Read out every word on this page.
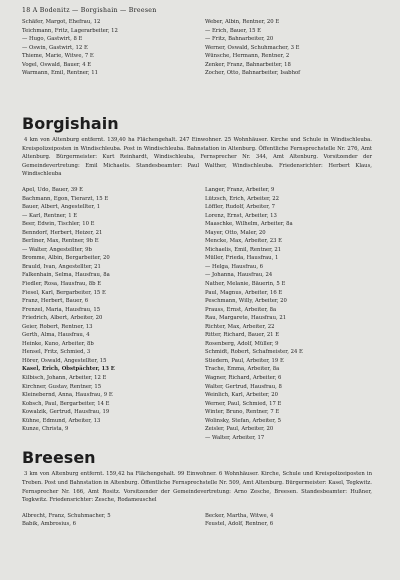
18 A Bodenitz — Borgishain — Breesen
Schäfer, Margot, Ehefrau, 12
Teichmann, Fritz, Lagerarbeiter, 12
— Hugo, Gastwirt, 8 E
— Oswin, Gastwirt, 12 E
Thieme, Marie, Witwe, 7 E
Vogel, Oswald, Bauer, 4 E
Warmann, Emil, Rentner, 11
Weber, Albin, Rentner, 20 E
— Erich, Bauer, 15 E
— Fritz, Bahnarbeiter, 20
Werner, Oswald, Schuhmacher, 3 E
Wünsche, Hermann, Rentner, 2
Zenker, Franz, Bahnarbeiter, 18
Zocher, Otto, Bahnarbeiter, Isabhof
Borgishain
4 km von Altenburg entfernt. 139,40 ha Flächengehalt. 247 Einwohner. 25 Wohnhäuser. Kirche und Schule in Windischleuba. Kreispolizeiposten in Windischleuba. Post in Windischleuba. Bahnstation in Altenburg. Öffentliche Fernsprechstelle Nr. 276, Amt Altenburg. Bürgermeister: Kurt Reinhardt, Windischleuba, Fernsprecher Nr. 344, Amt Altenburg. Vorsitzender der Gemeindevertretung: Emil Michaelis. Standesbeamter: Paul Walther, Windischleuba. Friedensrichter: Herbert Klaus, Windischleuba
Apel, Udo, Bauer, 39 E
Bachmann, Egon, Tierarzt, 15 E
Bauer, Albert, Angestellter, 1
— Karl, Rentner, 1 E
Beer, Edwin, Tischler, 10 E
Benndorf, Herbert, Heizer, 21
Berliner, Max, Rentner, 9b E
— Walter, Angestellter, 9b
Bromme, Albin, Bergarbeiter, 20
Brauld, Ivan, Angestellter, 21
Falkenhain, Selma, Hausfrau, 8a
Fiedler, Rosa, Hausfrau, 8b E
Fiesel, Karl, Bergarbeiter, 15 E
Franz, Herbert, Bauer, 6
Frenzel, Maria, Hausfrau, 15
Friedrich, Albert, Arbeiter, 20
Geier, Robert, Rentner, 13
Gerth, Alma, Hausfrau, 4
Heinke, Kuno, Arbeiter, 8b
Hensel, Fritz, Schmied, 3
Hörer, Oswald, Angestellter, 15
Kasel, Erich, Obstpächter, 13 E
Kilbisch, Johann, Arbeiter, 12 E
Kirchner, Gustav, Rentner, 15
Kleinebernd, Anna, Hausfrau, 9 E
Kobsch, Paul, Bergarbeiter, 14 E
Kowalzik, Gertrud, Hausfrau, 19
Kühne, Edmund, Arbeiter, 13
Kunze, Christa, 9
Langer, Franz, Arbeiter, 9
Lützsch, Erich, Arbeiter, 22
Löffler, Rudolf, Arbeiter, 7
Lorenz, Ernst, Arbeiter, 13
Maaschke, Wilhelm, Arbeiter, 8a
Mayer, Otto, Maler, 20
Mencke, Max, Arbeiter, 23 E
Michaelis, Emil, Rentner, 21
Müller, Frieda, Hausfrau, 1
— Helga, Hausfrau, 6
— Johanna, Hausfrau, 24
Nather, Melanie, Bäuerin, 5 E
Paul, Magnus, Arbeiter, 16 E
Peschmann, Willy, Arbeiter, 20
Prauss, Ernst, Arbeiter, 8a
Rau, Margarete, Hausfrau, 21
Richter, Max, Arbeiter, 22
Ritter, Richard, Bauer, 21 E
Rosenberg, Adolf, Müller, 9
Schmidt, Robert, Schafmeister, 24 E
Stiedern, Paul, Arbeiter, 19 E
Trache, Emma, Arbeiter, 8a
Wagner, Richard, Arbeiter, 6
Walter, Gertrud, Hausfrau, 8
Weinlich, Karl, Arbeiter, 20
Werner, Paul, Schmied, 17 E
Winter, Bruno, Rentner, 7 E
Wolinsky, Stefan, Arbeiter, 5
Zeisler, Paul, Arbeiter, 20
— Walter, Arbeiter, 17
Breesen
3 km von Altenburg entfernt. 159,42 ha Flächengehalt. 99 Einwohner. 6 Wohnhäuser. Kirche, Schule und Kreispolizeiposten in Treben. Post und Bahnstation in Altenburg. Öffentliche Fernsprechstelle Nr. 509, Amt Altenburg. Bürgermeister: Kasel, Tegkwitz. Fernsprecher Nr. 166, Amt Rositz. Vorsitzender der Gemeindevertretung: Arno Zesche, Breesen. Standesbeamter: Hußner, Tegkwitz. Friedensrichter: Zesche, Rodameuschel
Albrecht, Franz, Schuhmacher, 5
Babik, Ambrosius, 6
Becker, Martha, Witwe, 4
Feustel, Adolf, Rentner, 6
